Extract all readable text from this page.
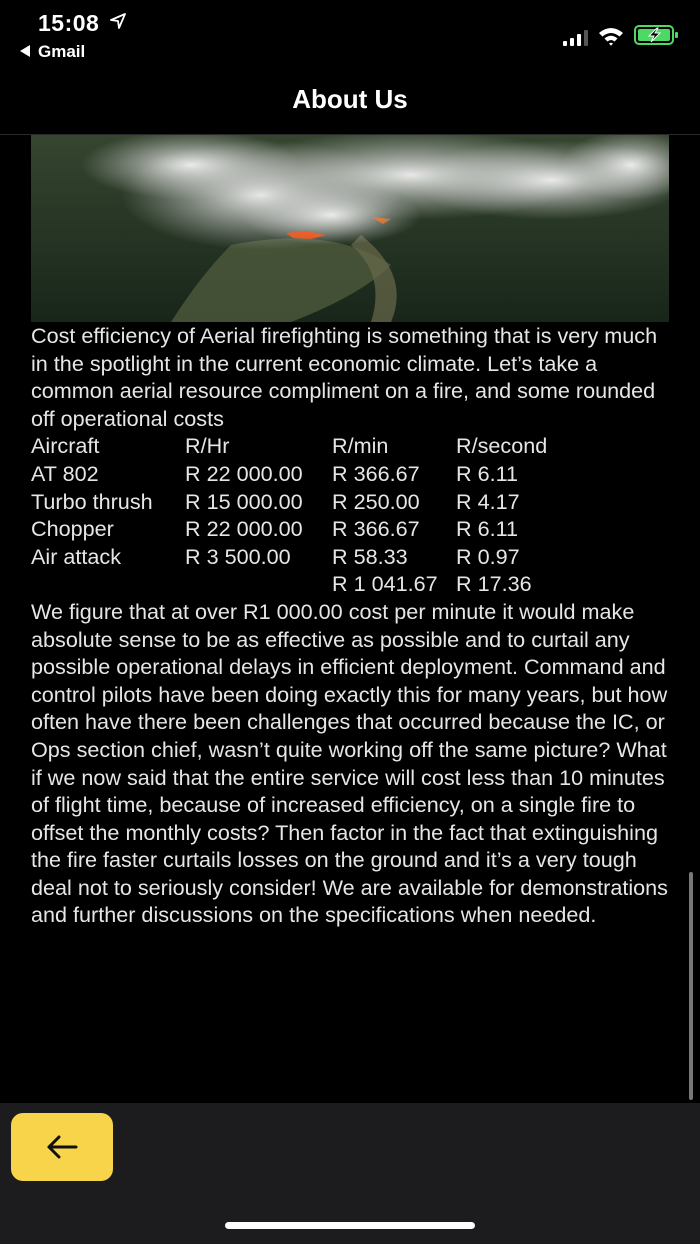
15:08
Gmail
About Us
Cost efficiency of Aerial firefighting is something that is very much in the spotlight in the current economic climate. Let’s take a common aerial resource compliment on a fire, and some rounded off operational costs
Aircraft	R/Hr	R/min	R/second
AT 802	R 22 000.00	R 366.67	R 6.11
Turbo thrush	R 15 000.00	R 250.00	R 4.17
Chopper	R 22 000.00	R 366.67	R 6.11
Air attack	R 3 500.00	R 58.33	R 0.97
		R 1 041.67	R 17.36
We figure that at over R1 000.00 cost per minute it would make absolute sense to be as effective as possible and to curtail any possible operational delays in efficient deployment. Command and control pilots have been doing exactly this for many years, but how often have there been challenges that occurred because the IC, or Ops section chief, wasn’t quite working off the same picture? What if we now said that the entire service will cost less than 10 minutes of flight time, because of increased efficiency, on a single fire to offset the monthly costs? Then factor in the fact that extinguishing the fire faster curtails losses on the ground and it’s a very tough deal not to seriously consider! We are available for demonstrations and further discussions on the specifications when needed.
